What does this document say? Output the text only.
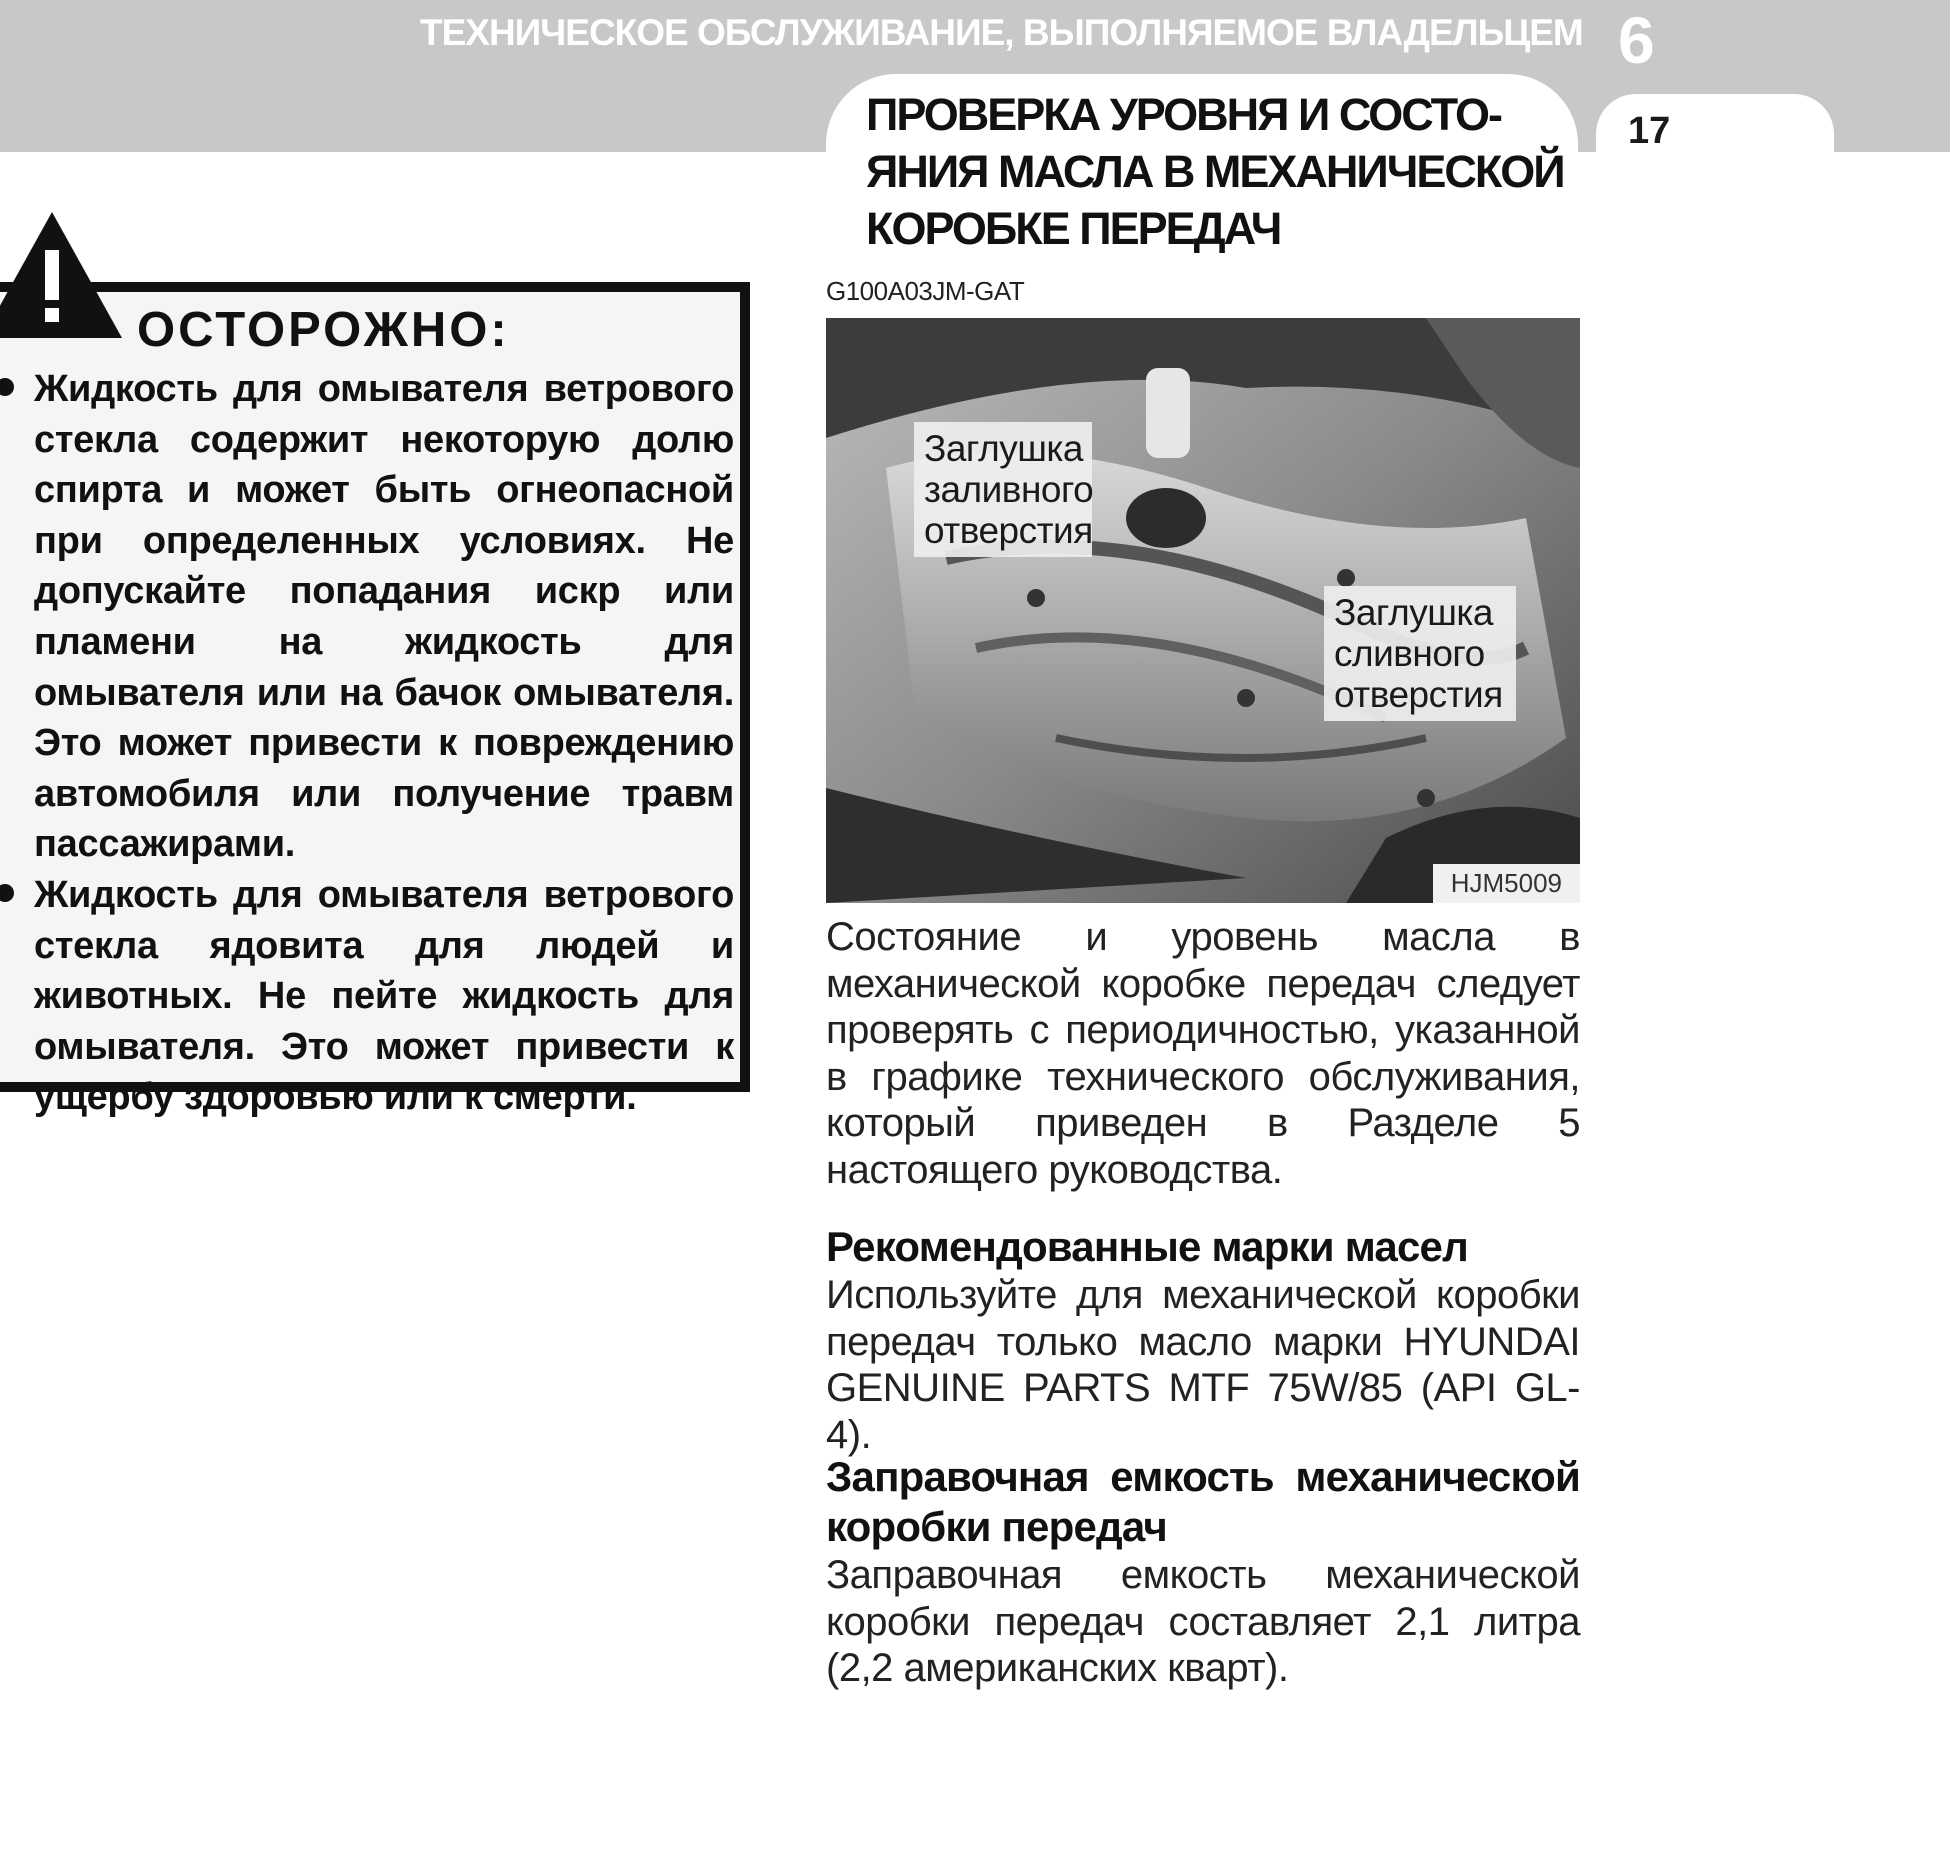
ТЕХНИЧЕСКОЕ ОБСЛУЖИВАНИЕ, ВЫПОЛНЯЕМОЕ ВЛАДЕЛЬЦЕМ 6
17
ПРОВЕРКА УРОВНЯ И СОСТО-
ЯНИЯ МАСЛА В МЕХАНИЧЕСКОЙ
КОРОБКЕ ПЕРЕДАЧ
G100A03JM-GAT
ОСТОРОЖНО:
Жидкость для омывателя ветрового стекла содержит некоторую долю спирта и может быть огнеопасной при определенных условиях. Не допускайте попадания искр или пламени на жидкость для омывателя или на бачок омывателя. Это может привести к повреждению автомобиля или получение травм пассажирами.
Жидкость для омывателя ветрового стекла ядовита для людей и животных. Не пейте жидкость для омывателя. Это может привести к ущербу здоровью или к смерти.
Заглушка
заливного
отверстия
Заглушка
сливного
отверстия
HJM5009

Состояние и уровень масла в механической коробке передач следует проверять с периодичностью, указанной в графике технического обслуживания, который приведен в Разделе 5 настоящего руководства.

Рекомендованные марки масел

Используйте для механической коробки передач только масло марки HYUNDAI GENUINE PARTS MTF 75W/85 (API GL-4).

Заправочная емкость механической коробки передач

Заправочная емкость механической коробки передач составляет 2,1 литра (2,2 американских кварт).
